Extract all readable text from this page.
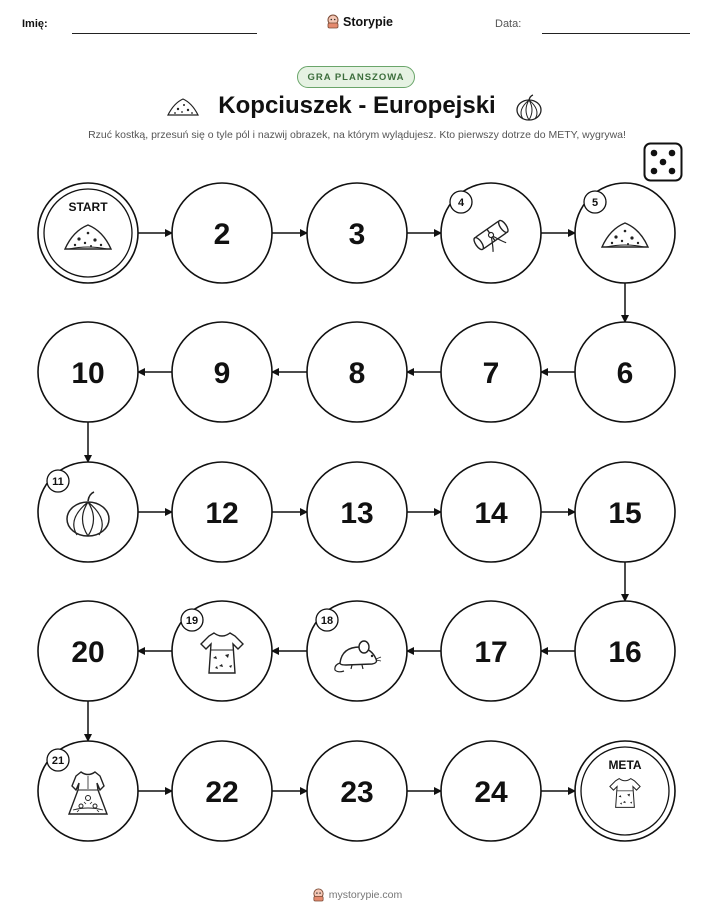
Imię:	Storypie	Data:
GRA PLANSZOWA
Kopciuszek - Europejski
Rzuć kostką, przesuń się o tyle pól i nazwij obrazek, na którym wylądujesz. Kto pierwszy dotrze do METY, wygrywa!
START
2	3
4	5
6
7
8
9
10
11
12	13	14	15
16
17
18
19
20
21
22	23	24
META
mystorypie.com
